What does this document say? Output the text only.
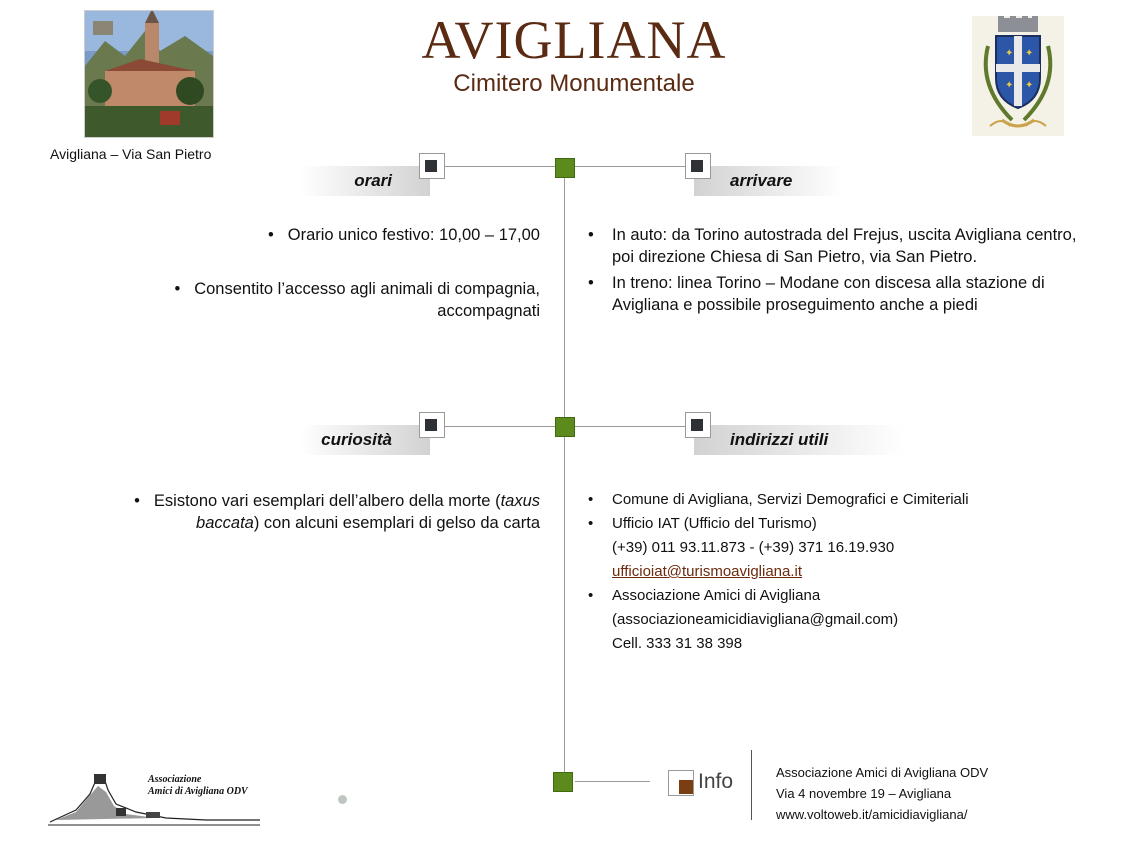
Avigliana – Via San Pietro
AVIGLIANA
Cimitero Monumentale
✦ ✦
✦ ✦
orari	arrivare
curiosità	indirizzi utili
• Orario unico festivo: 10,00 – 17,00
• Consentito l’accesso agli animali di compagnia, accompagnati
• In auto: da Torino autostrada del Frejus, uscita Avigliana centro, poi direzione Chiesa di San Pietro, via San Pietro.
• In treno: linea Torino – Modane con discesa alla stazione di Avigliana e possibile proseguimento anche a piedi
• Esistono vari esemplari dell’albero della morte (taxus baccata) con alcuni esemplari di gelso da carta
• Comune di Avigliana, Servizi Demografici e Cimiteriali
• Ufficio IAT (Ufficio del Turismo)
(+39) 011 93.11.873 - (+39) 371 16.19.930
ufficioiat@turismoavigliana.it
• Associazione Amici di Avigliana
(associazioneamicidiavigliana@gmail.com)
Cell. 333 31 38 398
Associazione
Amici di Avigliana ODV	Info	Associazione Amici di Avigliana ODV
Via 4 novembre 19 – Avigliana
www.voltoweb.it/amicidiavigliana/
